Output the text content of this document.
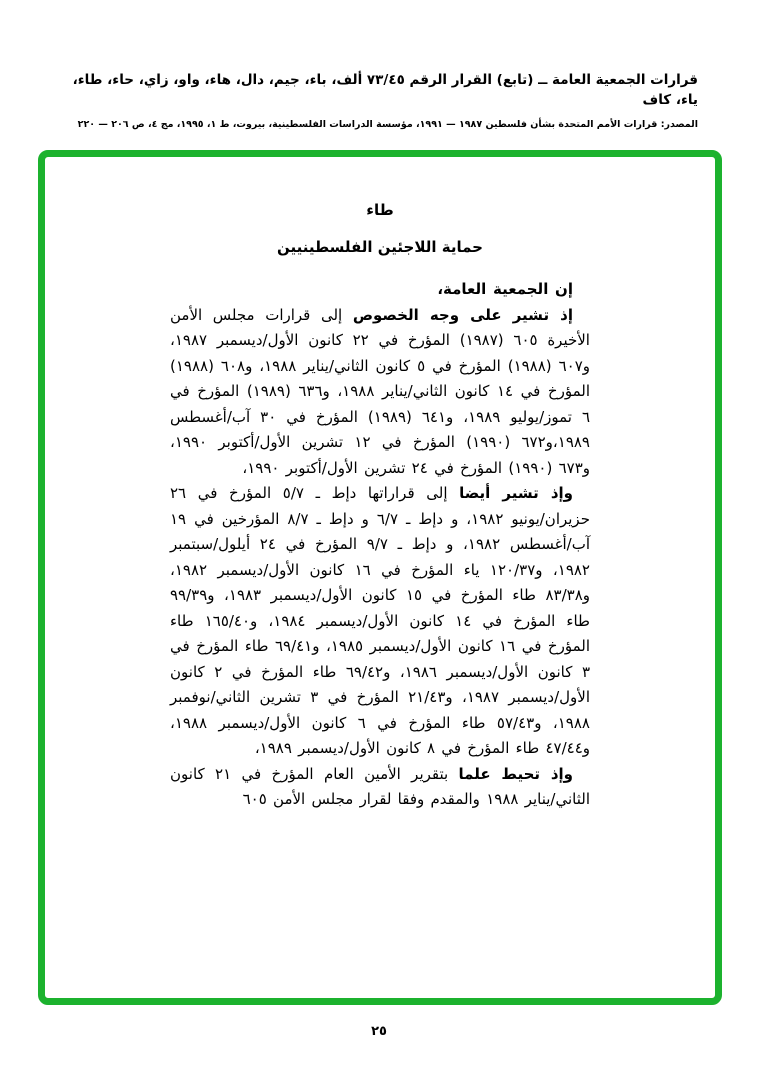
قرارات الجمعية العامة ــ (تابع) القرار الرقم ٧٣/٤٥ ألف، باء، جيم، دال، هاء، واو، زاي، حاء، طاء، ياء، كاف
المصدر: قرارات الأمم المتحدة بشأن فلسطين ١٩٨٧ — ١٩٩١، مؤسسة الدراسات الفلسطينية، بيروت، ط ١، ١٩٩٥، مج ٤، ص ٢٠٦ — ٢٢٠
طاء
حماية اللاجئين الفلسطينيين

إن الجمعية العامة،

إذ تشير على وجه الخصوص إلى قرارات مجلس الأمن الأخيرة ٦٠٥ (١٩٨٧) المؤرخ في ٢٢ كانون الأول/ديسمبر ١٩٨٧، و٦٠٧ (١٩٨٨) المؤرخ في ٥ كانون الثاني/يناير ١٩٨٨، و٦٠٨ (١٩٨٨) المؤرخ في ١٤ كانون الثاني/يناير ١٩٨٨، و٦٣٦ (١٩٨٩) المؤرخ في ٦ تموز/يوليو ١٩٨٩، و٦٤١ (١٩٨٩) المؤرخ في ٣٠ آب/أغسطس ١٩٨٩،و٦٧٢ (١٩٩٠) المؤرخ في ١٢ تشرين الأول/أكتوبر ١٩٩٠، و٦٧٣ (١٩٩٠) المؤرخ في ٢٤ تشرين الأول/أكتوبر ١٩٩٠،

وإذ تشير أيضا إلى قراراتها دإط ـ ٥/٧ المؤرخ في ٢٦ حزيران/يونيو ١٩٨٢، و دإط ـ ٦/٧ و دإط ـ ٨/٧ المؤرخين في ١٩ آب/أغسطس ١٩٨٢، و دإط ـ ٩/٧ المؤرخ في ٢٤ أيلول/سبتمبر ١٩٨٢، و١٢٠/٣٧ ياء المؤرخ في ١٦ كانون الأول/ديسمبر ١٩٨٢، و٨٣/٣٨ طاء المؤرخ في ١٥ كانون الأول/ديسمبر ١٩٨٣، و٩٩/٣٩ طاء المؤرخ في ١٤ كانون الأول/ديسمبر ١٩٨٤، و١٦٥/٤٠ طاء المؤرخ في ١٦ كانون الأول/ديسمبر ١٩٨٥، و٦٩/٤١ طاء المؤرخ في ٣ كانون الأول/ديسمبر ١٩٨٦، و٦٩/٤٢ طاء المؤرخ في ٢ كانون الأول/ديسمبر ١٩٨٧، و٢١/٤٣ المؤرخ في ٣ تشرين الثاني/نوفمبر ١٩٨٨، و٥٧/٤٣ طاء المؤرخ في ٦ كانون الأول/ديسمبر ١٩٨٨، و٤٧/٤٤ طاء المؤرخ في ٨ كانون الأول/ديسمبر ١٩٨٩،

وإذ تحيط علما بتقرير الأمين العام المؤرخ في ٢١ كانون الثاني/يناير ١٩٨٨ والمقدم وفقا لقرار مجلس الأمن ٦٠٥

٢٥
